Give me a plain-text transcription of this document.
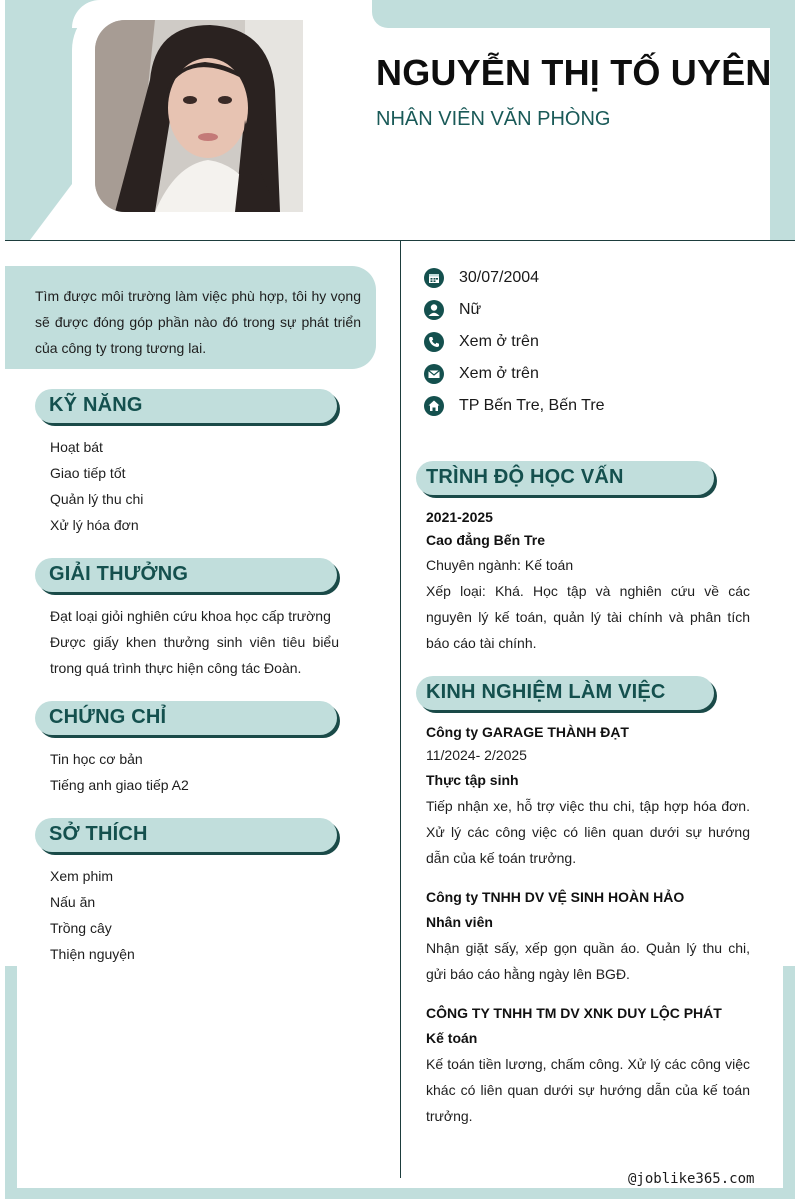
NGUYỄN THỊ TỐ UYÊN
NHÂN VIÊN VĂN PHÒNG
Tìm được môi trường làm việc phù hợp, tôi hy vọng sẽ được đóng góp phần nào đó trong sự phát triển của công ty trong tương lai.
KỸ NĂNG
Hoạt bát
Giao tiếp tốt
Quản lý thu chi
Xử lý hóa đơn
GIẢI THƯỞNG
Đạt loại giỏi nghiên cứu khoa học cấp trường
Được giấy khen thưởng sinh viên tiêu biểu trong quá trình thực hiện công tác Đoàn.
CHỨNG CHỈ
Tin học cơ bản
Tiếng anh giao tiếp A2
SỞ THÍCH
Xem phim
Nấu ăn
Trồng cây
Thiện nguyện
30/07/2004
Nữ
Xem ở trên
Xem ở trên
TP Bến Tre, Bến Tre
TRÌNH ĐỘ HỌC VẤN
2021-2025
Cao đẳng Bến Tre
Chuyên ngành: Kế toán
Xếp loại: Khá. Học tập và nghiên cứu về các nguyên lý kế toán, quản lý tài chính và phân tích báo cáo tài chính.
KINH NGHIỆM LÀM VIỆC
Công ty GARAGE THÀNH ĐẠT
11/2024- 2/2025
Thực tập sinh
Tiếp nhận xe, hỗ trợ việc thu chi, tập hợp hóa đơn. Xử lý các công việc có liên quan dưới sự hướng dẫn của kế toán trưởng.
Công ty TNHH DV VỆ SINH HOÀN HẢO
Nhân viên
Nhận giặt sấy, xếp gọn quần áo. Quản lý thu chi, gửi báo cáo hằng ngày lên BGĐ.
CÔNG TY TNHH TM DV XNK DUY LỘC PHÁT
Kế toán
Kế toán tiền lương, chấm công. Xử lý các công việc khác có liên quan dưới sự hướng dẫn của kế toán trưởng.
@joblike365.com
